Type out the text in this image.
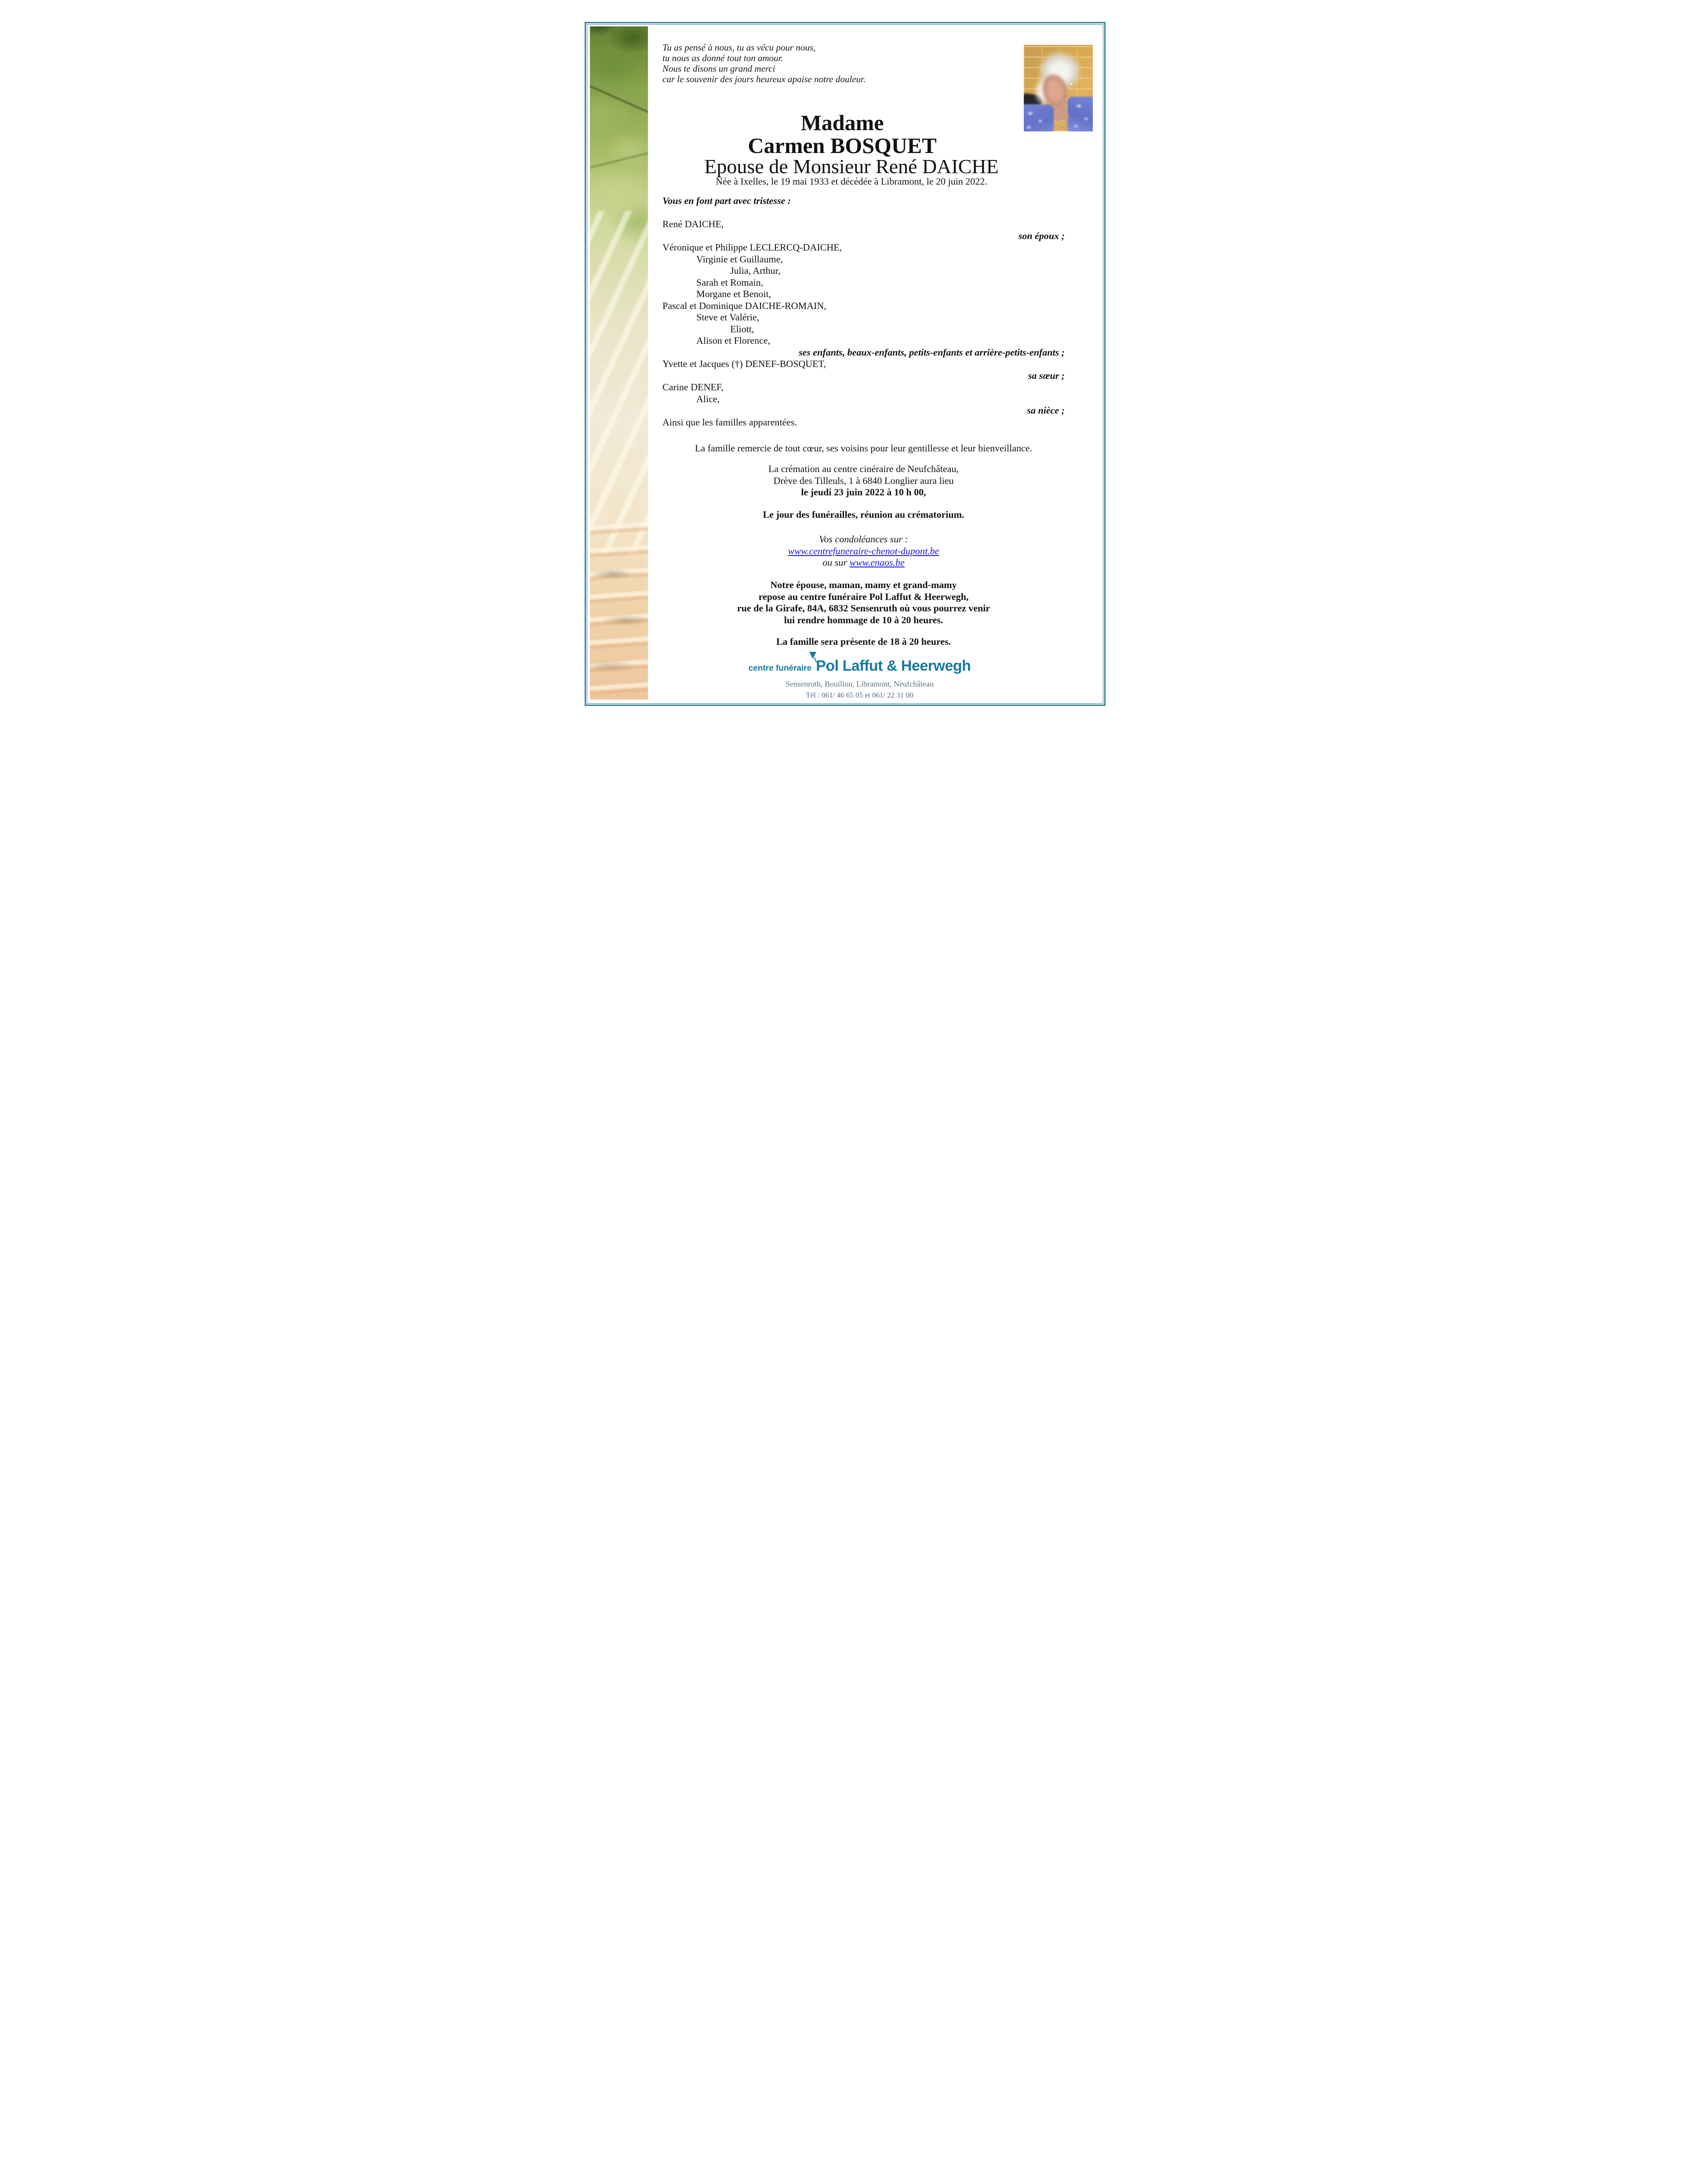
Tu as pensé à nous, tu as vécu pour nous,
tu nous as donné tout ton amour.
Nous te disons un grand merci
car le souvenir des jours heureux apaise notre douleur.
Madame
Carmen BOSQUET
Epouse de Monsieur René DAICHE
Née à Ixelles, le 19 mai 1933 et décédée à Libramont, le 20 juin 2022.
Vous en font part avec tristesse :
René DAICHE,
son époux ;
Véronique et Philippe LECLERCQ-DAICHE,
Virginie et Guillaume,
Julia, Arthur,
Sarah et Romain,
Morgane et Benoit,
Pascal et Dominique DAICHE-ROMAIN,
Steve et Valérie,
Eliott,
Alison et Florence,
ses enfants, beaux-enfants, petits-enfants et arrière-petits-enfants ;
Yvette et Jacques (†) DENEF-BOSQUET,
sa sœur ;
Carine DENEF,
Alice,
sa nièce ;
Ainsi que les familles apparentées.
La famille remercie de tout cœur, ses voisins pour leur gentillesse et leur bienveillance.
La crémation au centre cinéraire de Neufchâteau,
Drève des Tilleuls, 1 à 6840 Longlier aura lieu
le jeudi 23 juin 2022 à 10 h 00,
Le jour des funérailles, réunion au crématorium.
Vos condoléances sur :
www.centrefuneraire-chenot-dupont.be
ou sur www.enaos.be
Notre épouse, maman, mamy et grand-mamy
repose au centre funéraire Pol Laffut & Heerwegh,
rue de la Girafe, 84A, 6832 Sensenruth où vous pourrez venir
lui rendre hommage de 10 à 20 heures.
La famille sera présente de 18 à 20 heures.
centre funéraire Pol Laffut & Heerwegh
Sensenruth, Bouillon, Libramont, Neufchâteau
Tél : 061/ 46 65 05 et 061/ 22 31 00
